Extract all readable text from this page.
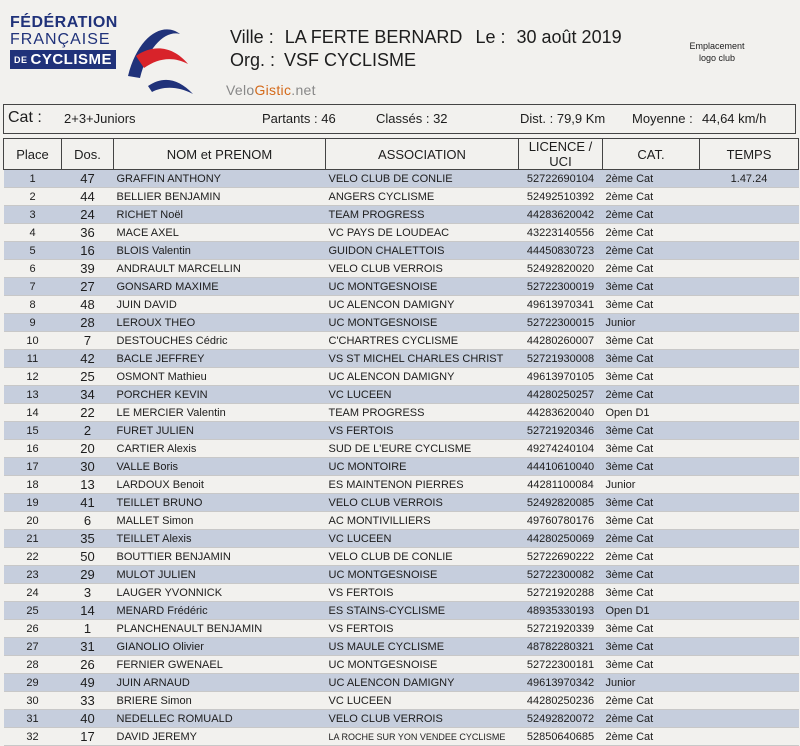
FÉDÉRATION
FRANÇAISE
DE CYCLISME
Ville : LA FERTE BERNARD Le : 30 août 2019
Org. : VSF CYCLISME
VeloGistic.net
Emplacement
logo club
Cat : 2+3+Juniors	Partants : 46	Classés : 32	Dist. : 79,9 Km Moyenne : 44,64 km/h
Place	Dos.	NOM et PRENOM	ASSOCIATION	LICENCE / UCI	CAT.	TEMPS
1	47	GRAFFIN ANTHONY	VELO CLUB DE CONLIE	52722690104	2ème Cat	1.47.24
2	44	BELLIER BENJAMIN	ANGERS CYCLISME	52492510392	2ème Cat	
3	24	RICHET Noël	TEAM PROGRESS	44283620042	2ème Cat	
4	36	MACE AXEL	VC PAYS DE LOUDEAC	43223140556	2ème Cat	
5	16	BLOIS Valentin	GUIDON CHALETTOIS	44450830723	2ème Cat	
6	39	ANDRAULT MARCELLIN	VELO CLUB VERROIS	52492820020	2ème Cat	
7	27	GONSARD MAXIME	UC MONTGESNOISE	52722300019	3ème Cat	
8	48	JUIN DAVID	UC ALENCON DAMIGNY	49613970341	3ème Cat	
9	28	LEROUX THEO	UC MONTGESNOISE	52722300015	Junior	
10	7	DESTOUCHES Cédric	C'CHARTRES CYCLISME	44280260007	3ème Cat	
11	42	BACLE JEFFREY	VS ST MICHEL CHARLES CHRIST	52721930008	3ème Cat	
12	25	OSMONT Mathieu	UC ALENCON DAMIGNY	49613970105	3ème Cat	
13	34	PORCHER KEVIN	VC LUCEEN	44280250257	2ème Cat	
14	22	LE MERCIER Valentin	TEAM PROGRESS	44283620040	Open D1	
15	2	FURET JULIEN	VS FERTOIS	52721920346	3ème Cat	
16	20	CARTIER Alexis	SUD DE L'EURE CYCLISME	49274240104	3ème Cat	
17	30	VALLE Boris	UC MONTOIRE	44410610040	3ème Cat	
18	13	LARDOUX Benoit	ES MAINTENON PIERRES	44281100084	Junior	
19	41	TEILLET BRUNO	VELO CLUB VERROIS	52492820085	3ème Cat	
20	6	MALLET Simon	AC MONTIVILLIERS	49760780176	3ème Cat	
21	35	TEILLET Alexis	VC LUCEEN	44280250069	2ème Cat	
22	50	BOUTTIER BENJAMIN	VELO CLUB DE CONLIE	52722690222	2ème Cat	
23	29	MULOT JULIEN	UC MONTGESNOISE	52722300082	3ème Cat	
24	3	LAUGER YVONNICK	VS FERTOIS	52721920288	3ème Cat	
25	14	MENARD Frédéric	ES STAINS-CYCLISME	48935330193	Open D1	
26	1	PLANCHENAULT BENJAMIN	VS FERTOIS	52721920339	3ème Cat	
27	31	GIANOLIO Olivier	US MAULE CYCLISME	48782280321	3ème Cat	
28	26	FERNIER GWENAEL	UC MONTGESNOISE	52722300181	3ème Cat	
29	49	JUIN ARNAUD	UC ALENCON DAMIGNY	49613970342	Junior	
30	33	BRIERE Simon	VC LUCEEN	44280250236	2ème Cat	
31	40	NEDELLEC ROMUALD	VELO CLUB VERROIS	52492820072	2ème Cat	
32	17	DAVID JEREMY	LA ROCHE SUR YON VENDEE CYCLISME	52850640685	2ème Cat	
